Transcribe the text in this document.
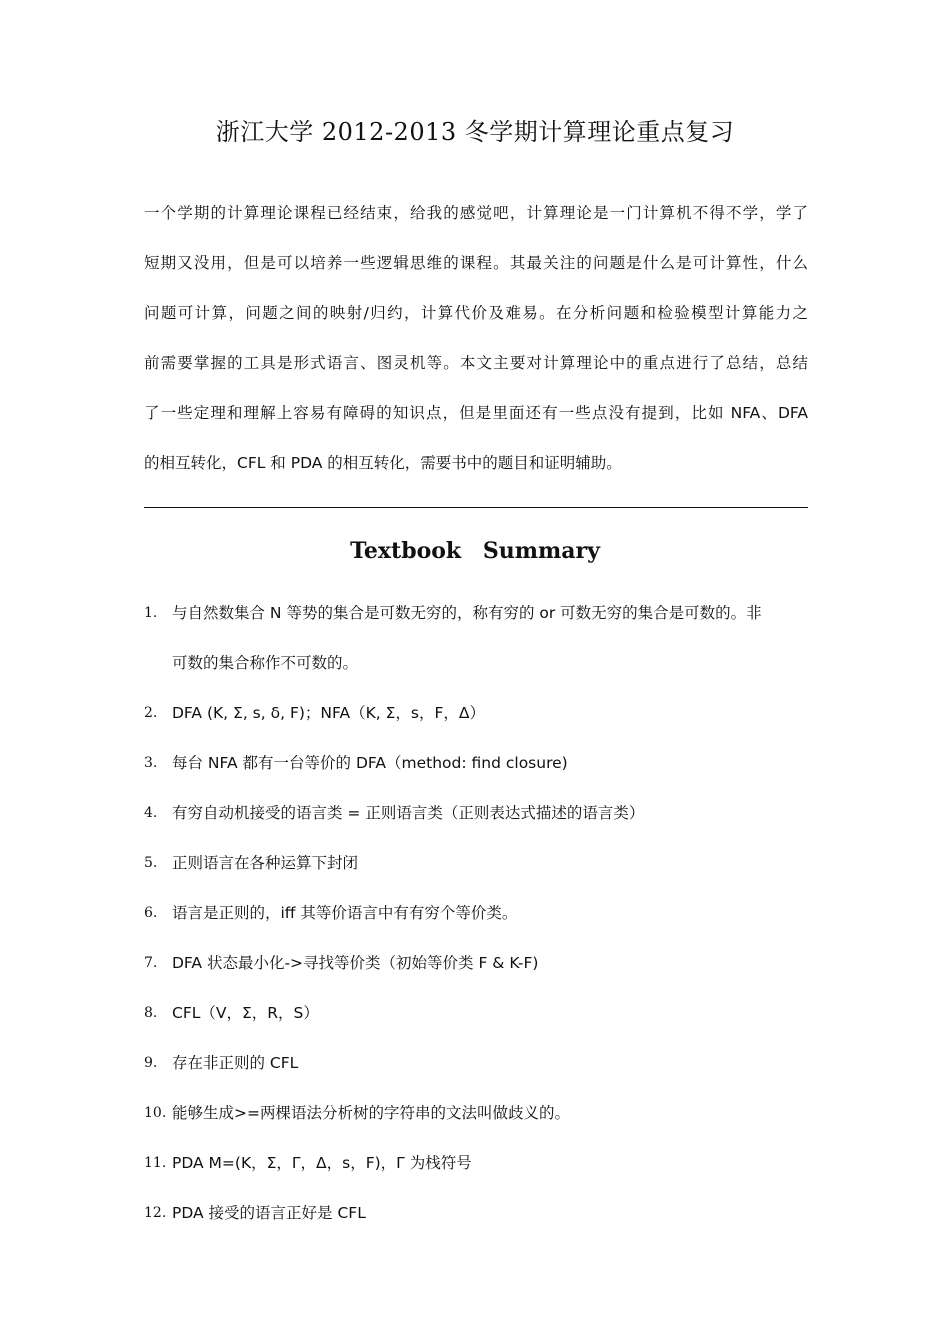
浙江大学 2012-2013 冬学期计算理论重点复习
一个学期的计算理论课程已经结束，给我的感觉吧，计算理论是一门计算机不得不学，学了
短期又没用，但是可以培养一些逻辑思维的课程。其最关注的问题是什么是可计算性，什么
问题可计算，问题之间的映射/归约，计算代价及难易。在分析问题和检验模型计算能力之
前需要掌握的工具是形式语言、图灵机等。本文主要对计算理论中的重点进行了总结，总结
了一些定理和理解上容易有障碍的知识点，但是里面还有一些点没有提到，比如 NFA、DFA
的相互转化，CFL 和 PDA 的相互转化，需要书中的题目和证明辅助。
Textbook Summary
1. 与自然数集合 N 等势的集合是可数无穷的，称有穷的 or 可数无穷的集合是可数的。非
可数的集合称作不可数的。
2. DFA (K, Σ, s, δ, F)；NFA（K, Σ，s，F，Δ）
3. 每台 NFA 都有一台等价的 DFA（method: find closure)
4. 有穷自动机接受的语言类 = 正则语言类（正则表达式描述的语言类）
5. 正则语言在各种运算下封闭
6. 语言是正则的，iff 其等价语言中有有穷个等价类。
7. DFA 状态最小化->寻找等价类（初始等价类 F & K-F)
8. CFL（V，Σ，R，S）
9. 存在非正则的 CFL
10. 能够生成>=两棵语法分析树的字符串的文法叫做歧义的。
11. PDA M=(K，Σ，Γ，Δ，s，F)，Γ 为栈符号
12. PDA 接受的语言正好是 CFL
